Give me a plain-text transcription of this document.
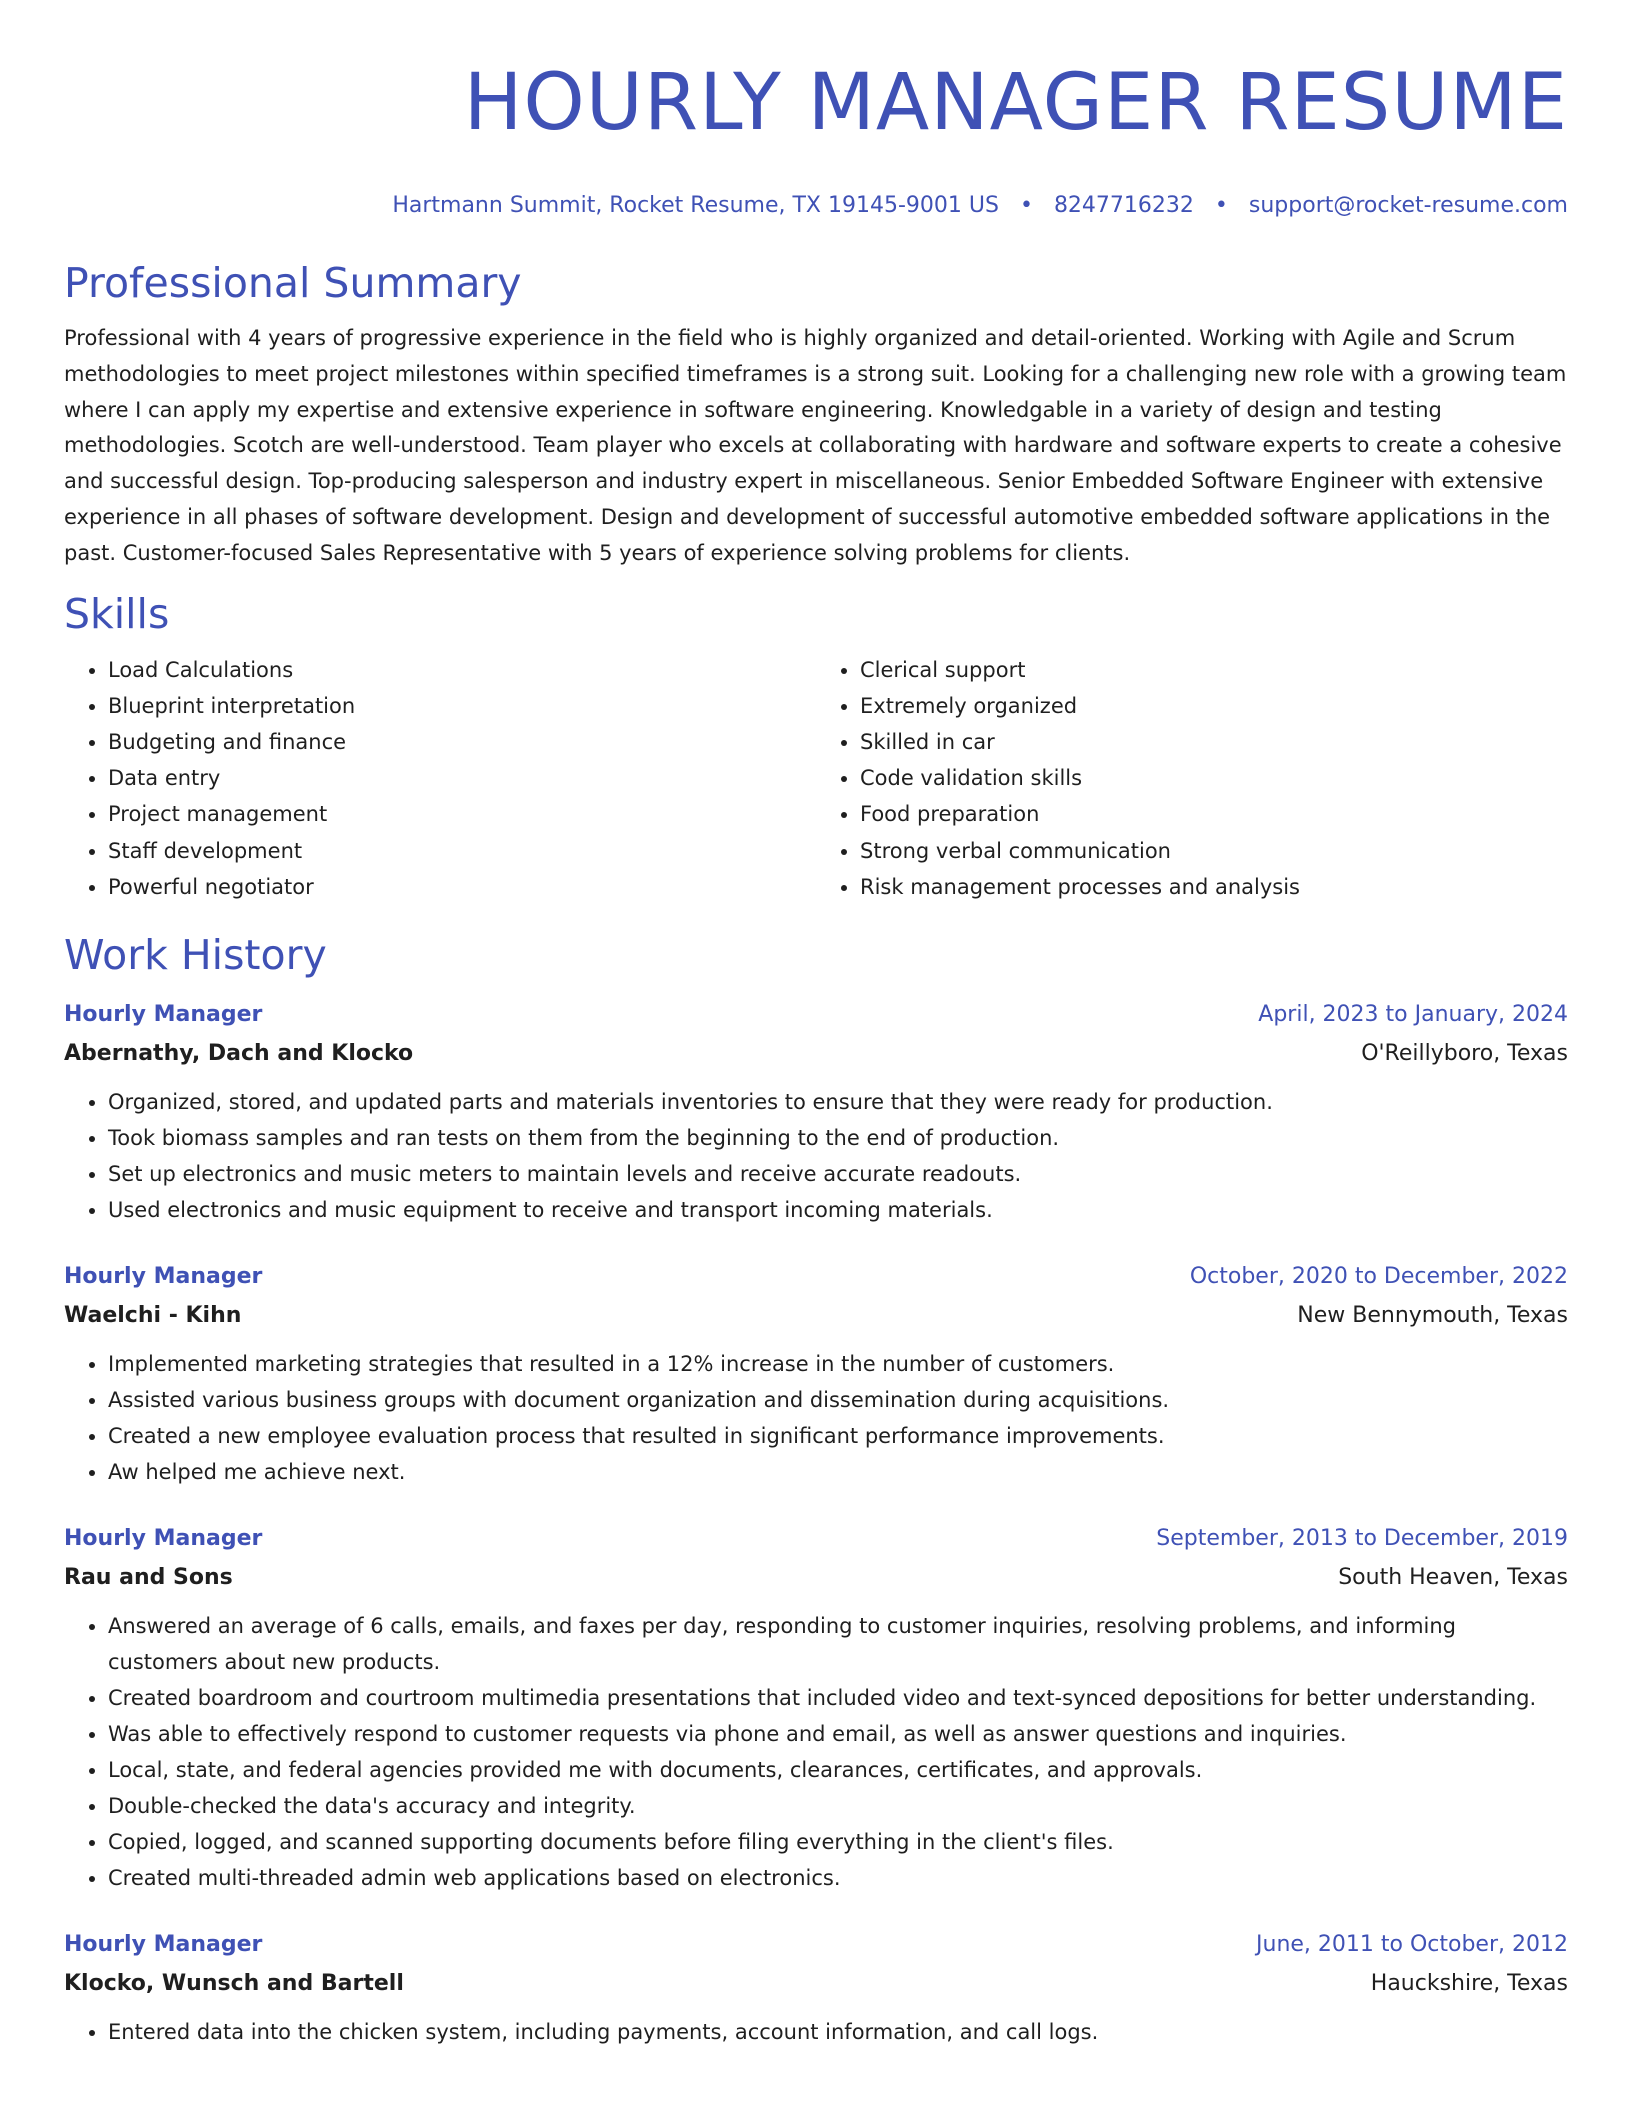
HOURLY MANAGER RESUME
Hartmann Summit, Rocket Resume, TX 19145-9001 US • 8247716232 • support@rocket-resume.com
Professional Summary

Professional with 4 years of progressive experience in the field who is highly organized and detail-oriented. Working with Agile and Scrum methodologies to meet project milestones within specified timeframes is a strong suit. Looking for a challenging new role with a growing team where I can apply my expertise and extensive experience in software engineering. Knowledgable in a variety of design and testing methodologies. Scotch are well-understood. Team player who excels at collaborating with hardware and software experts to create a cohesive and successful design. Top-producing salesperson and industry expert in miscellaneous. Senior Embedded Software Engineer with extensive experience in all phases of software development. Design and development of successful automotive embedded software applications in the past. Customer-focused Sales Representative with 5 years of experience solving problems for clients.

Skills
• Load Calculations
• Blueprint interpretation
• Budgeting and finance
• Data entry
• Project management
• Staff development
• Powerful negotiator
• Clerical support
• Extremely organized
• Skilled in car
• Code validation skills
• Food preparation
• Strong verbal communication
• Risk management processes and analysis
Work History
Hourly Manager	April, 2023 to January, 2024
Abernathy, Dach and Klocko	O'Reillyboro, Texas
• Organized, stored, and updated parts and materials inventories to ensure that they were ready for production.
• Took biomass samples and ran tests on them from the beginning to the end of production.
• Set up electronics and music meters to maintain levels and receive accurate readouts.
• Used electronics and music equipment to receive and transport incoming materials.
Hourly Manager	October, 2020 to December, 2022
Waelchi - Kihn	New Bennymouth, Texas
• Implemented marketing strategies that resulted in a 12% increase in the number of customers.
• Assisted various business groups with document organization and dissemination during acquisitions.
• Created a new employee evaluation process that resulted in significant performance improvements.
• Aw helped me achieve next.
Hourly Manager	September, 2013 to December, 2019
Rau and Sons	South Heaven, Texas
• Answered an average of 6 calls, emails, and faxes per day, responding to customer inquiries, resolving problems, and informing customers about new products.
• Created boardroom and courtroom multimedia presentations that included video and text-synced depositions for better understanding.
• Was able to effectively respond to customer requests via phone and email, as well as answer questions and inquiries.
• Local, state, and federal agencies provided me with documents, clearances, certificates, and approvals.
• Double-checked the data's accuracy and integrity.
• Copied, logged, and scanned supporting documents before filing everything in the client's files.
• Created multi-threaded admin web applications based on electronics.
Hourly Manager	June, 2011 to October, 2012
Klocko, Wunsch and Bartell	Hauckshire, Texas
• Entered data into the chicken system, including payments, account information, and call logs.
